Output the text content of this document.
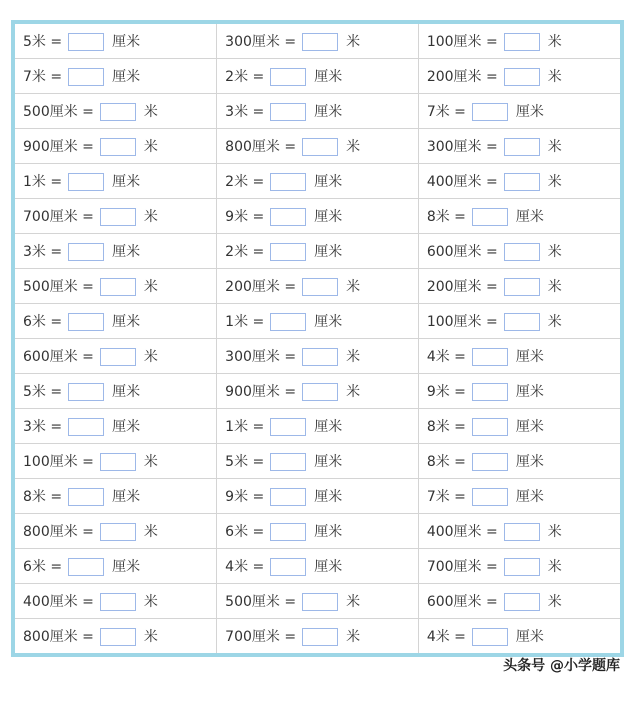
5米 = 厘米	300厘米 = 米	100厘米 = 米
7米 = 厘米	2米 = 厘米	200厘米 = 米
500厘米 = 米	3米 = 厘米	7米 = 厘米
900厘米 = 米	800厘米 = 米	300厘米 = 米
1米 = 厘米	2米 = 厘米	400厘米 = 米
700厘米 = 米	9米 = 厘米	8米 = 厘米
3米 = 厘米	2米 = 厘米	600厘米 = 米
500厘米 = 米	200厘米 = 米	200厘米 = 米
6米 = 厘米	1米 = 厘米	100厘米 = 米
600厘米 = 米	300厘米 = 米	4米 = 厘米
5米 = 厘米	900厘米 = 米	9米 = 厘米
3米 = 厘米	1米 = 厘米	8米 = 厘米
100厘米 = 米	5米 = 厘米	8米 = 厘米
8米 = 厘米	9米 = 厘米	7米 = 厘米
800厘米 = 米	6米 = 厘米	400厘米 = 米
6米 = 厘米	4米 = 厘米	700厘米 = 米
400厘米 = 米	500厘米 = 米	600厘米 = 米
800厘米 = 米	700厘米 = 米	4米 = 厘米
头条号 @小学题库
